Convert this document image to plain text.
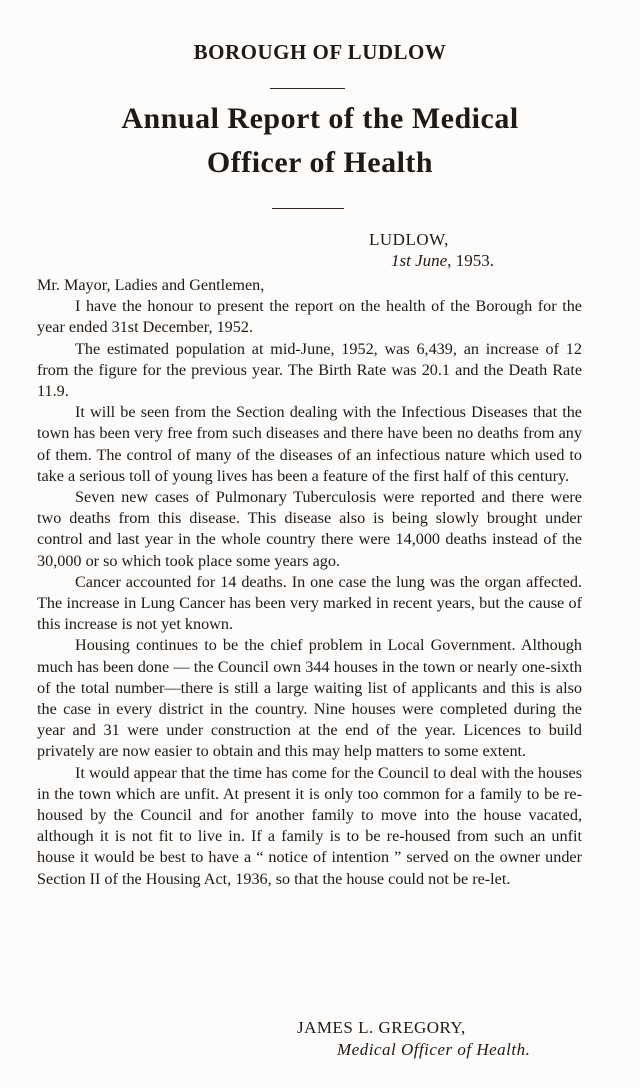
BOROUGH OF LUDLOW
Annual Report of the Medical
Officer of Health
LUDLOW,
1st June, 1953.

Mr. Mayor, Ladies and Gentlemen,

I have the honour to present the report on the health of the Borough for the year ended 31st December, 1952.

The estimated population at mid-June, 1952, was 6,439, an increase of 12 from the figure for the previous year. The Birth Rate was 20.1 and the Death Rate 11.9.

It will be seen from the Section dealing with the Infectious Diseases that the town has been very free from such diseases and there have been no deaths from any of them. The control of many of the diseases of an infectious nature which used to take a serious toll of young lives has been a feature of the first half of this century.

Seven new cases of Pulmonary Tuberculosis were reported and there were two deaths from this disease. This disease also is being slowly brought under control and last year in the whole country there were 14,000 deaths instead of the 30,000 or so which took place some years ago.

Cancer accounted for 14 deaths. In one case the lung was the organ affected. The increase in Lung Cancer has been very marked in recent years, but the cause of this increase is not yet known.

Housing continues to be the chief problem in Local Government. Although much has been done — the Council own 344 houses in the town or nearly one-sixth of the total number—there is still a large waiting list of applicants and this is also the case in every district in the country. Nine houses were completed during the year and 31 were under construction at the end of the year. Licences to build privately are now easier to obtain and this may help matters to some extent.

It would appear that the time has come for the Council to deal with the houses in the town which are unfit. At present it is only too common for a family to be re-housed by the Council and for another family to move into the house vacated, although it is not fit to live in. If a family is to be re-housed from such an unfit house it would be best to have a “ notice of intention ” served on the owner under Section II of the Housing Act, 1936, so that the house could not be re-let.

JAMES L. GREGORY,
Medical Officer of Health.
